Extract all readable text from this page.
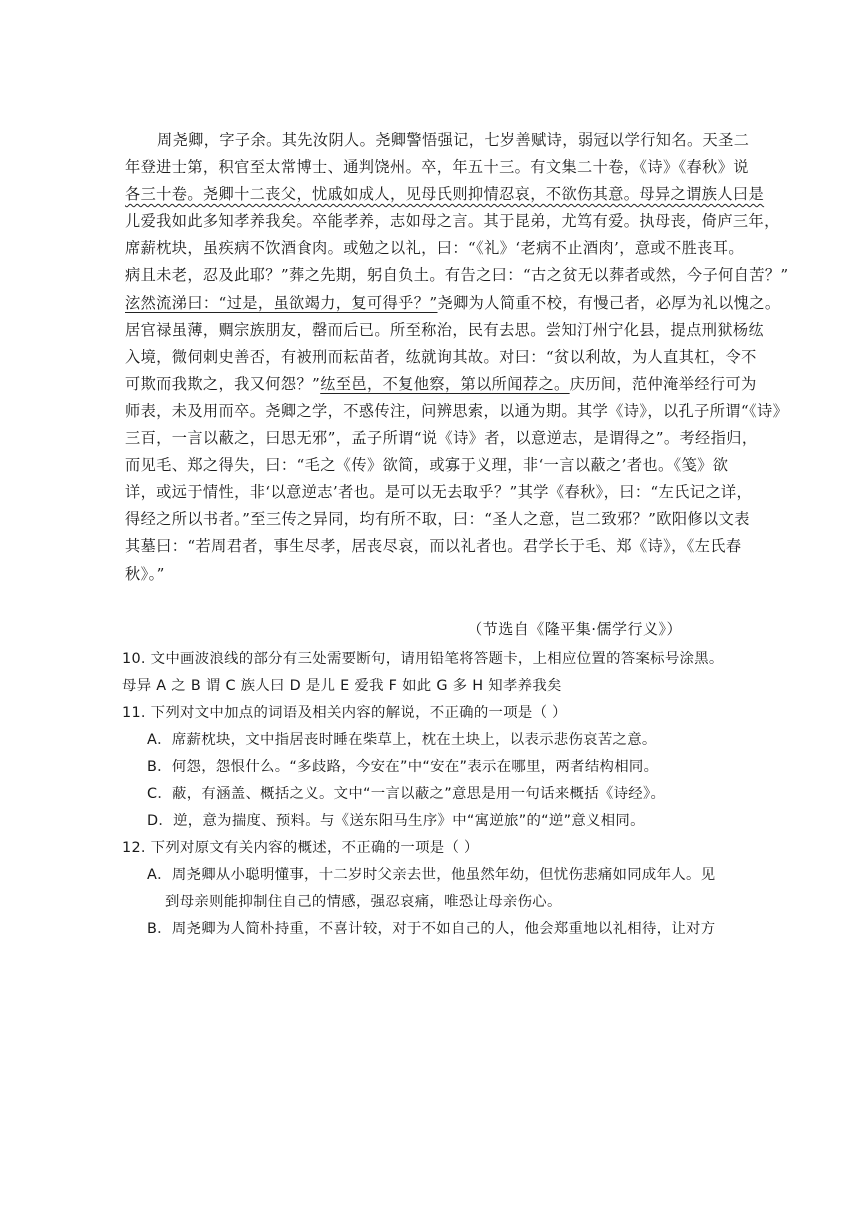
周尧卿，字子余。其先汝阴人。尧卿警悟强记，七岁善赋诗，弱冠以学行知名。天圣二
年登进士第，积官至太常博士、通判饶州。卒，年五十三。有文集二十卷，《诗》《春秋》说
各三十卷。尧卿十二丧父，忧戚如成人，见母氏则抑情忍哀，不欲伤其意。母异之谓族人曰是
儿爱我如此多知孝养我矣。卒能孝养，志如母之言。其于昆弟，尤笃有爱。执母丧，倚庐三年，
席薪枕块，虽疾病不饮酒食肉。或勉之以礼，曰：“《礼》‘老病不止酒肉’，意或不胜丧耳。
病且未老，忍及此耶？”葬之先期，躬自负土。有告之曰：“古之贫无以葬者或然，今子何自苦？”
泫然流涕曰：“过是，虽欲竭力，复可得乎？”尧卿为人简重不校，有慢己者，必厚为礼以愧之。
居官禄虽薄，赒宗族朋友，罄而后已。所至称治，民有去思。尝知汀州宁化县，提点刑狱杨纮
入境，微伺刺史善否，有被刑而耘苗者，纮就询其故。对曰：“贫以利故，为人直其杠，令不
可欺而我欺之，我又何怨？”纮至邑，不复他察，第以所闻荐之。庆历间，范仲淹举经行可为
师表，未及用而卒。尧卿之学，不惑传注，问辨思索，以通为期。其学《诗》，以孔子所谓“《诗》
三百，一言以蔽之，曰思无邪”，孟子所谓“说《诗》者，以意逆志，是谓得之”。考经指归，
而见毛、郑之得失，曰：“毛之《传》欲简，或寡于义理，非‘一言以蔽之’者也。《笺》欲
详，或远于情性，非‘以意逆志’者也。是可以无去取乎？”其学《春秋》，曰：“左氏记之详，
得经之所以书者。”至三传之异同，均有所不取，曰：“圣人之意，岂二致邪？”欧阳修以文表
其墓曰：“若周君者，事生尽孝，居丧尽哀，而以礼者也。君学长于毛、郑《诗》，《左氏春
秋》。”
（节选自《隆平集·儒学行义》）
10. 文中画波浪线的部分有三处需要断句，请用铅笔将答题卡，上相应位置的答案标号涂黑。
母异 A 之 B 谓 C 族人曰 D 是儿 E 爱我 F 如此 G 多 H 知孝养我矣
11. 下列对文中加点的词语及相关内容的解说，不正确的一项是（ ）
A．席薪枕块，文中指居丧时睡在柴草上，枕在土块上，以表示悲伤哀苦之意。
B．何怨，怨恨什么。“多歧路，今安在”中“安在”表示在哪里，两者结构相同。
C．蔽，有涵盖、概括之义。文中“一言以蔽之”意思是用一句话来概括《诗经》。
D．逆，意为揣度、预料。与《送东阳马生序》中“寓逆旅”的“逆”意义相同。
12. 下列对原文有关内容的概述，不正确的一项是（ ）
A．周尧卿从小聪明懂事，十二岁时父亲去世，他虽然年幼，但忧伤悲痛如同成年人。见
到母亲则能抑制住自己的情感，强忍哀痛，唯恐让母亲伤心。
B．周尧卿为人简朴持重，不喜计较，对于不如自己的人，他会郑重地以礼相待，让对方
